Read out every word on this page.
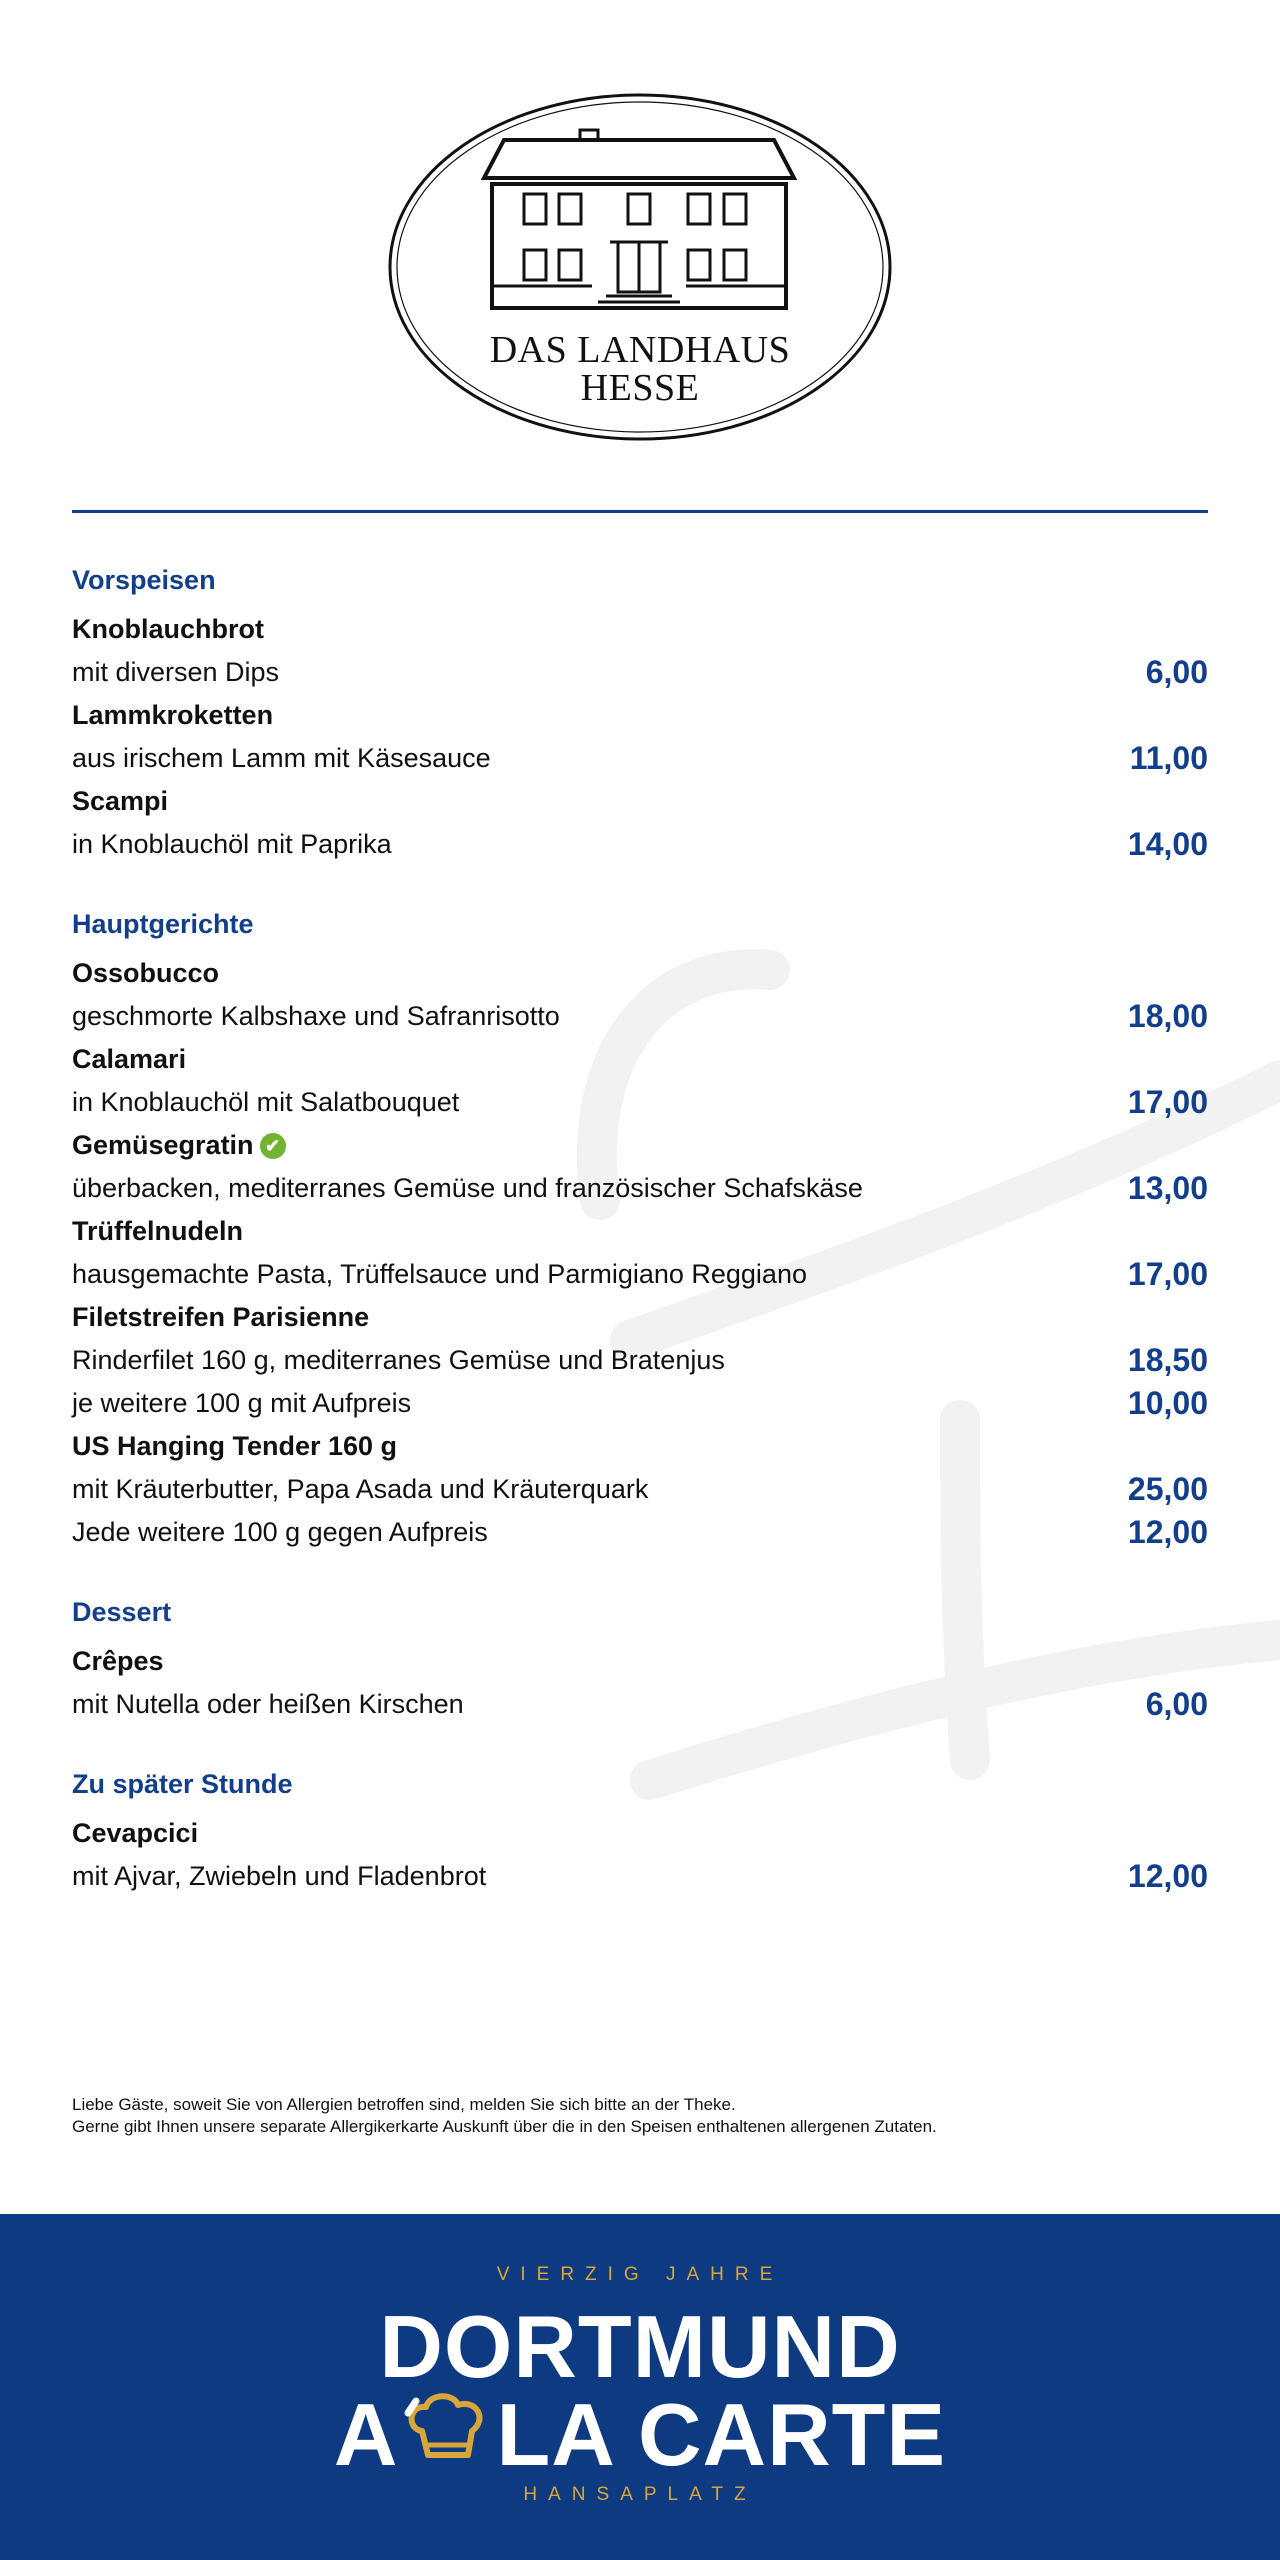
DAS LANDHAUS
HESSE
Vorspeisen
Knoblauchbrot
mit diversen Dips	6,00
Lammkroketten
aus irischem Lamm mit Käsesauce	11,00
Scampi
in Knoblauchöl mit Paprika	14,00
Hauptgerichte
Ossobucco
geschmorte Kalbshaxe und Safranrisotto	18,00
Calamari
in Knoblauchöl mit Salatbouquet	17,00
Gemüsegratin ✔
überbacken, mediterranes Gemüse und französischer Schafskäse	13,00
Trüffelnudeln
hausgemachte Pasta, Trüffelsauce und Parmigiano Reggiano	17,00
Filetstreifen Parisienne
Rinderfilet 160 g, mediterranes Gemüse und Bratenjus	18,50
je weitere 100 g mit Aufpreis	10,00
US Hanging Tender 160 g
mit Kräuterbutter, Papa Asada und Kräuterquark	25,00
Jede weitere 100 g gegen Aufpreis	12,00
Dessert
Crêpes
mit Nutella oder heißen Kirschen	6,00
Zu später Stunde
Cevapcici
mit Ajvar, Zwiebeln und Fladenbrot	12,00
Liebe Gäste, soweit Sie von Allergien betroffen sind, melden Sie sich bitte an der Theke.
Gerne gibt Ihnen unsere separate Allergikerkarte Auskunft über die in den Speisen enthaltenen allergenen Zutaten.
VIERZIG JAHRE
DORTMUND
A LA CARTE
HANSAPLATZ
